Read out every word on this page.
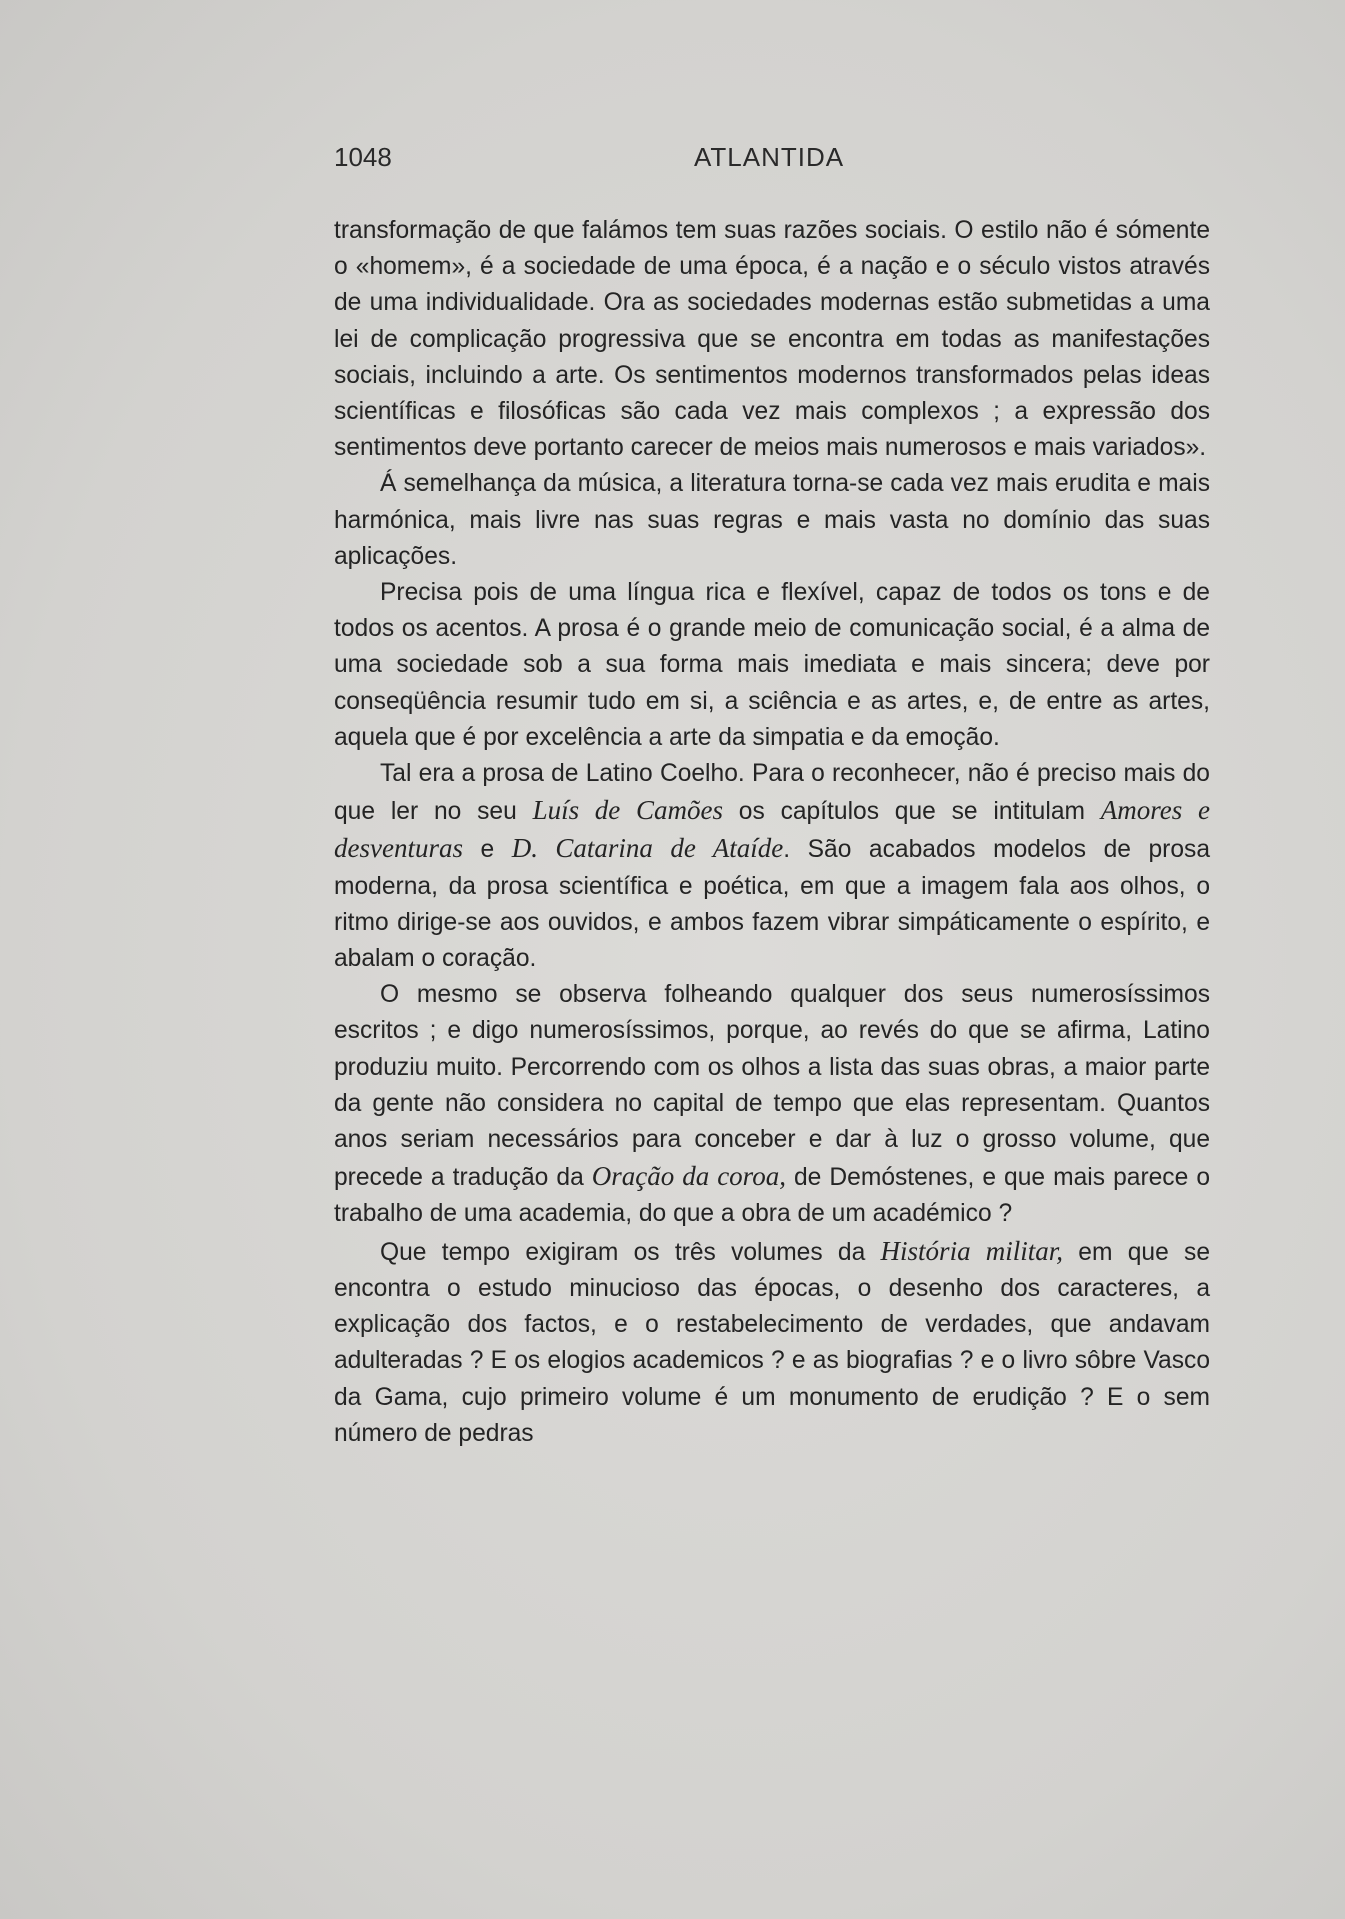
1048	ATLANTIDA

transformação de que falámos tem suas razões sociais. O estilo não é sómente o «homem», é a sociedade de uma época, é a nação e o século vistos através de uma individualidade. Ora as sociedades modernas estão submetidas a uma lei de complicação progressiva que se encontra em todas as manifestações sociais, incluindo a arte. Os sentimentos modernos transformados pelas ideas scientíficas e filosóficas são cada vez mais complexos ; a expressão dos sentimentos deve portanto carecer de meios mais numerosos e mais variados».

Á semelhança da música, a literatura torna-se cada vez mais erudita e mais harmónica, mais livre nas suas regras e mais vasta no domínio das suas aplicações.

Precisa pois de uma língua rica e flexível, capaz de todos os tons e de todos os acentos. A prosa é o grande meio de comunicação social, é a alma de uma sociedade sob a sua forma mais imediata e mais sincera; deve por conseqüência resumir tudo em si, a sciência e as artes, e, de entre as artes, aquela que é por excelência a arte da simpatia e da emoção.

Tal era a prosa de Latino Coelho. Para o reconhecer, não é preciso mais do que ler no seu Luís de Camões os capítulos que se intitulam Amores e desventuras e D. Catarina de Ataíde. São acabados modelos de prosa moderna, da prosa scientífica e poética, em que a imagem fala aos olhos, o ritmo dirige-se aos ouvidos, e ambos fazem vibrar simpáticamente o espírito, e abalam o coração.

O mesmo se observa folheando qualquer dos seus numerosíssimos escritos ; e digo numerosíssimos, porque, ao revés do que se afirma, Latino produziu muito. Percorrendo com os olhos a lista das suas obras, a maior parte da gente não considera no capital de tempo que elas representam. Quantos anos seriam necessários para conceber e dar à luz o grosso volume, que precede a tradução da Oração da coroa, de Demóstenes, e que mais parece o trabalho de uma academia, do que a obra de um académico ?

Que tempo exigiram os três volumes da História militar, em que se encontra o estudo minucioso das épocas, o desenho dos caracteres, a explicação dos factos, e o restabelecimento de verdades, que andavam adulteradas ? E os elogios academicos ? e as biografias ? e o livro sôbre Vasco da Gama, cujo primeiro volume é um monumento de erudição ? E o sem número de pedras
